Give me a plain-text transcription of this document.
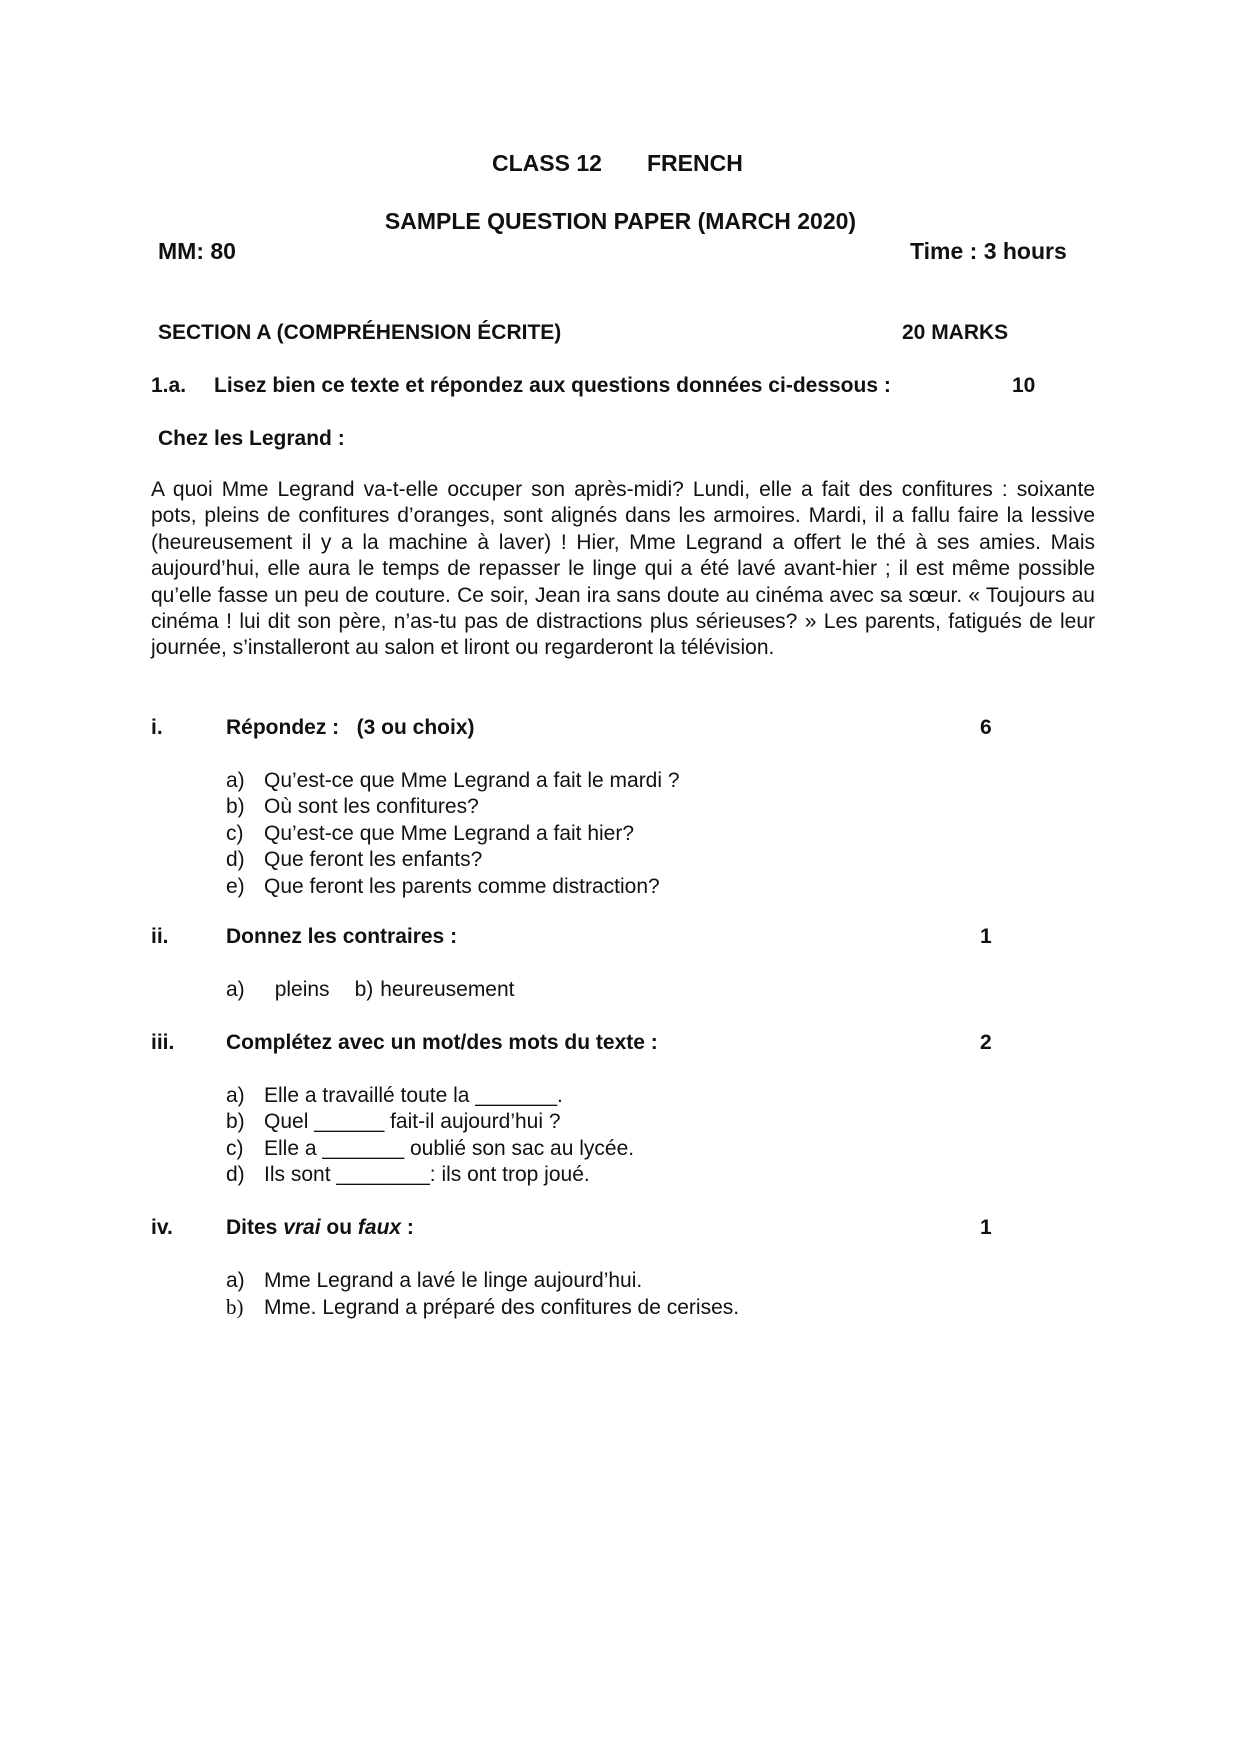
CLASS 12 FRENCH
SAMPLE QUESTION PAPER (MARCH 2020)
MM: 80	Time : 3 hours
SECTION A (COMPRÉHENSION ÉCRITE)	20 MARKS
1.a. Lisez bien ce texte et répondez aux questions données ci-dessous :	10
Chez les Legrand :
A quoi Mme Legrand va-t-elle occuper son après-midi? Lundi, elle a fait des confitures : soixante pots, pleins de confitures d’oranges, sont alignés dans les armoires. Mardi, il a fallu faire la lessive (heureusement il y a la machine à laver) ! Hier, Mme Legrand a offert le thé à ses amies. Mais aujourd’hui, elle aura le temps de repasser le linge qui a été lavé avant-hier ; il est même possible qu’elle fasse un peu de couture. Ce soir, Jean ira sans doute au cinéma avec sa sœur. « Toujours au cinéma ! lui dit son père, n’as-tu pas de distractions plus sérieuses? » Les parents, fatigués de leur journée, s’installeront au salon et liront ou regarderont la télévision.
i.	Répondez :   (3 ou choix)	6
a) Qu’est-ce que Mme Legrand a fait le mardi ?
b) Où sont les confitures?
c) Qu’est-ce que Mme Legrand a fait hier?
d) Que feront les enfants?
e) Que feront les parents comme distraction?
ii.	Donnez les contraires :	1
a) pleins b) heureusement
iii. Complétez avec un mot/des mots du texte :	2
a) Elle a travaillé toute la _______.
b) Quel ______ fait-il aujourd’hui ?
c) Elle a _______ oublié son sac au lycée.
d) Ils sont ________: ils ont trop joué.
iv.	Dites vrai ou faux :	1
a) Mme Legrand a lavé le linge aujourd’hui.
b) Mme. Legrand a préparé des confitures de cerises.
